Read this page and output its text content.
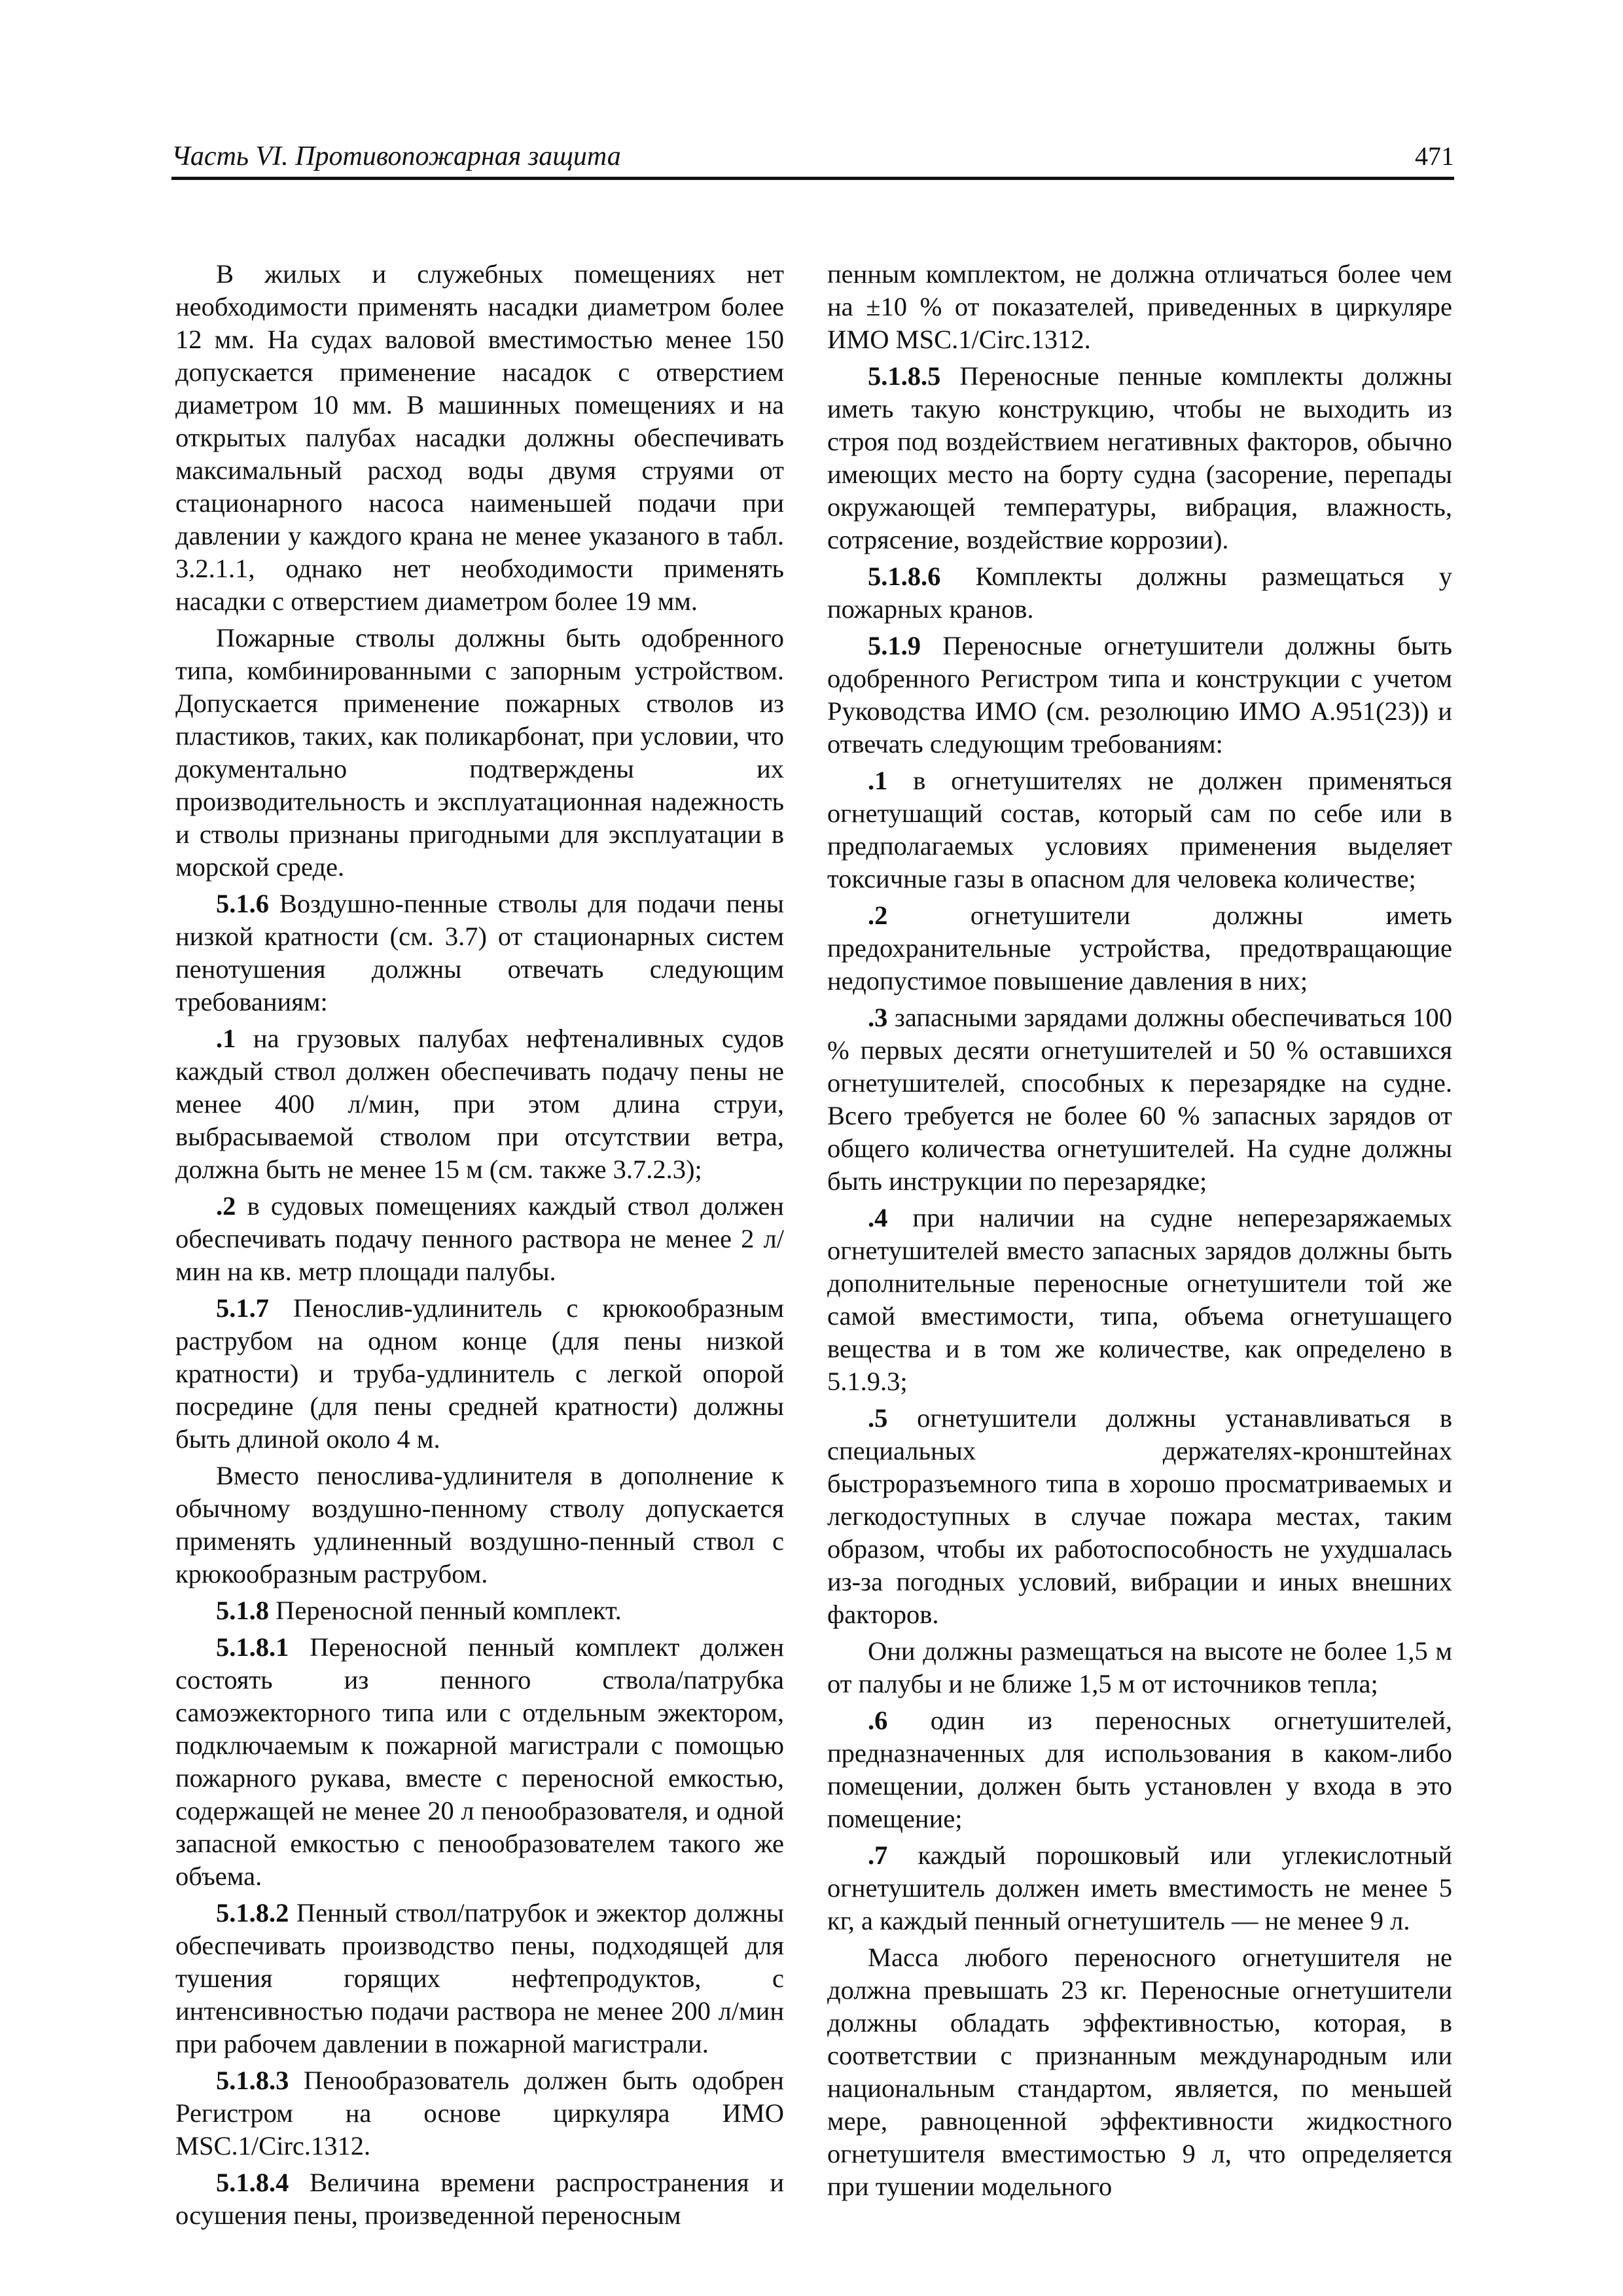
Часть VI. Противопожарная защита	471

В жилых и служебных помещениях нет необходимости применять насадки диаметром более 12 мм. На судах валовой вместимостью менее 150 допускается применение насадок с отверстием диаметром 10 мм. В машинных помещениях и на открытых палубах насадки должны обеспечивать максимальный расход воды двумя струями от стационарного насоса наименьшей подачи при давлении у каждого крана не менее указаного в табл. 3.2.1.1, однако нет необходимости применять насадки с отверстием диаметром более 19 мм.

Пожарные стволы должны быть одобренного типа, комбинированными с запорным устройством. Допускается применение пожарных стволов из пластиков, таких, как поликарбонат, при условии, что документально подтверждены их производительность и эксплуатационная надежность и стволы признаны пригодными для эксплуатации в морской среде.

5.1.6 Воздушно-пенные стволы для подачи пены низкой кратности (см. 3.7) от стационарных систем пенотушения должны отвечать следующим требованиям:

.1 на грузовых палубах нефтеналивных судов каждый ствол должен обеспечивать подачу пены не менее 400 л/мин, при этом длина струи, выбрасываемой стволом при отсутствии ветра, должна быть не менее 15 м (см. также 3.7.2.3);

.2 в судовых помещениях каждый ствол должен обеспечивать подачу пенного раствора не менее 2 л/мин на кв. метр площади палубы.

5.1.7 Пенослив-удлинитель с крюкообразным раструбом на одном конце (для пены низкой кратности) и труба-удлинитель с легкой опорой посредине (для пены средней кратности) должны быть длиной около 4 м.

Вместо пенослива-удлинителя в дополнение к обычному воздушно-пенному стволу допускается применять удлиненный воздушно-пенный ствол с крюкообразным раструбом.

5.1.8 Переносной пенный комплект.

5.1.8.1 Переносной пенный комплект должен состоять из пенного ствола/патрубка самоэжекторного типа или с отдельным эжектором, подключаемым к пожарной магистрали с помощью пожарного рукава, вместе с переносной емкостью, содержащей не менее 20 л пенообразователя, и одной запасной емкостью с пенообразователем такого же объема.

5.1.8.2 Пенный ствол/патрубок и эжектор должны обеспечивать производство пены, подходящей для тушения горящих нефтепродуктов, с интенсивностью подачи раствора не менее 200 л/мин при рабочем давлении в пожарной магистрали.

5.1.8.3 Пенообразователь должен быть одобрен Регистром на основе циркуляра ИМО MSC.1/Circ.1312.

5.1.8.4 Величина времени распространения и осушения пены, произведенной переносным

пенным комплектом, не должна отличаться более чем на ±10 % от показателей, приведенных в циркуляре ИМО MSC.1/Circ.1312.

5.1.8.5 Переносные пенные комплекты должны иметь такую конструкцию, чтобы не выходить из строя под воздействием негативных факторов, обычно имеющих место на борту судна (засорение, перепады окружающей температуры, вибрация, влажность, сотрясение, воздействие коррозии).

5.1.8.6 Комплекты должны размещаться у пожарных кранов.

5.1.9 Переносные огнетушители должны быть одобренного Регистром типа и конструкции с учетом Руководства ИМО (см. резолюцию ИМО А.951(23)) и отвечать следующим требованиям:

.1 в огнетушителях не должен применяться огнетушащий состав, который сам по себе или в предполагаемых условиях применения выделяет токсичные газы в опасном для человека количестве;

.2 огнетушители должны иметь предохранительные устройства, предотвращающие недопустимое повышение давления в них;

.3 запасными зарядами должны обеспечиваться 100 % первых десяти огнетушителей и 50 % оставшихся огнетушителей, способных к перезарядке на судне. Всего требуется не более 60 % запасных зарядов от общего количества огнетушителей. На судне должны быть инструкции по перезарядке;

.4 при наличии на судне неперезаряжаемых огнетушителей вместо запасных зарядов должны быть дополнительные переносные огнетушители той же самой вместимости, типа, объема огнетушащего вещества и в том же количестве, как определено в 5.1.9.3;

.5 огнетушители должны устанавливаться в специальных держателях-кронштейнах быстроразъемного типа в хорошо просматриваемых и легкодоступных в случае пожара местах, таким образом, чтобы их работоспособность не ухудшалась из-за погодных условий, вибрации и иных внешних факторов.

Они должны размещаться на высоте не более 1,5 м от палубы и не ближе 1,5 м от источников тепла;

.6 один из переносных огнетушителей, предназначенных для использования в каком-либо помещении, должен быть установлен у входа в это помещение;

.7 каждый порошковый или углекислотный огнетушитель должен иметь вместимость не менее 5 кг, а каждый пенный огнетушитель — не менее 9 л.

Масса любого переносного огнетушителя не должна превышать 23 кг. Переносные огнетушители должны обладать эффективностью, которая, в соответствии с признанным международным или национальным стандартом, является, по меньшей мере, равноценной эффективности жидкостного огнетушителя вместимостью 9 л, что определяется при тушении модельного
